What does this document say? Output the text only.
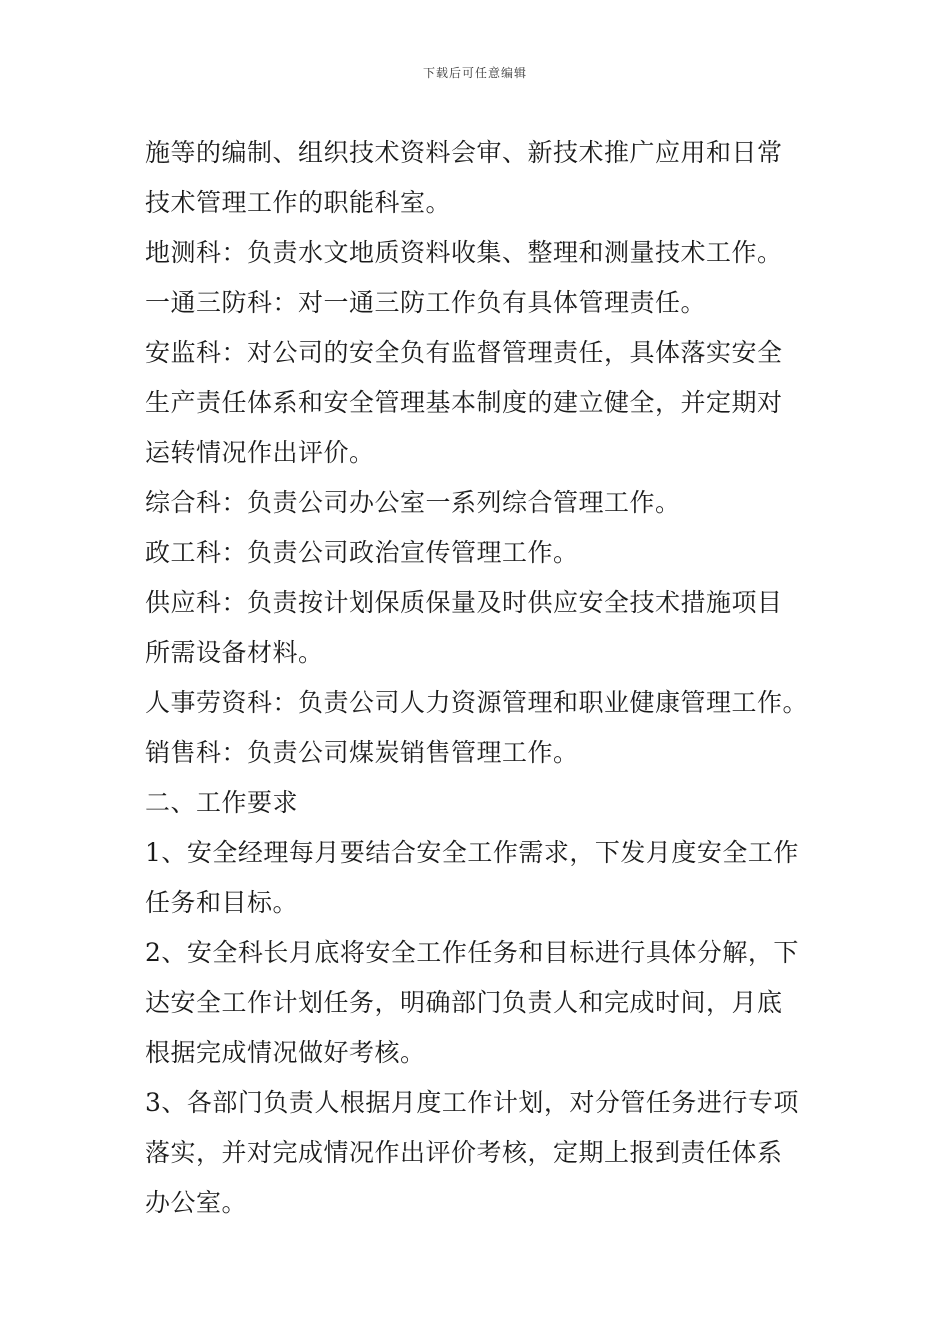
下载后可任意编辑
施等的编制、组织技术资料会审、新技术推广应用和日常
技术管理工作的职能科室。
地测科：负责水文地质资料收集、整理和测量技术工作。
一通三防科：对一通三防工作负有具体管理责任。
安监科：对公司的安全负有监督管理责任，具体落实安全
生产责任体系和安全管理基本制度的建立健全，并定期对
运转情况作出评价。
综合科：负责公司办公室一系列综合管理工作。
政工科：负责公司政治宣传管理工作。
供应科：负责按计划保质保量及时供应安全技术措施项目
所需设备材料。
人事劳资科：负责公司人力资源管理和职业健康管理工作。
销售科：负责公司煤炭销售管理工作。
二、工作要求
1、安全经理每月要结合安全工作需求，下发月度安全工作
任务和目标。
2、安全科长月底将安全工作任务和目标进行具体分解，下
达安全工作计划任务，明确部门负责人和完成时间，月底
根据完成情况做好考核。
3、各部门负责人根据月度工作计划，对分管任务进行专项
落实，并对完成情况作出评价考核，定期上报到责任体系
办公室。
